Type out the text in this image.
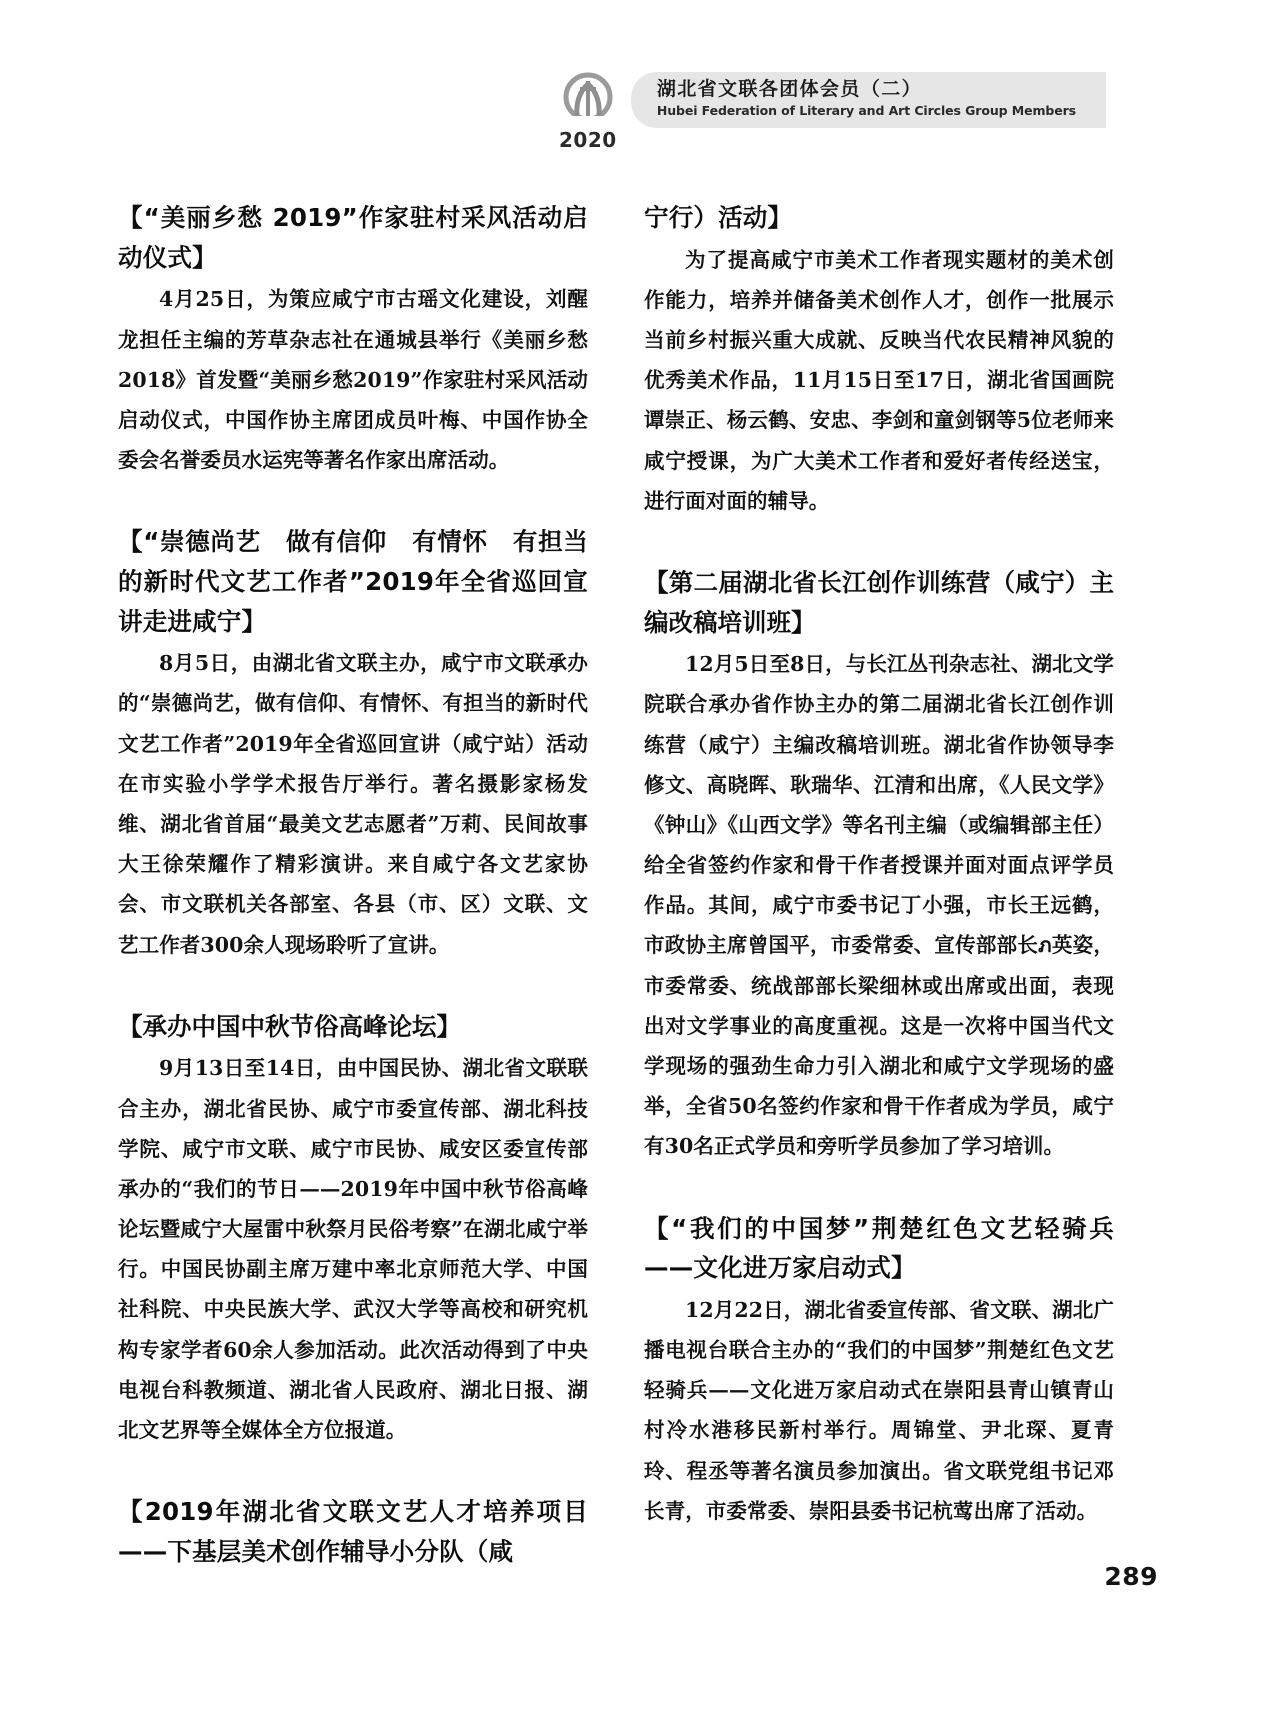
2020
湖北省文联各团体会员（二）
Hubei Federation of Literary and Art Circles Group Members
【“美丽乡愁 2019”作家驻村采风活动启动仪式】

4月25日，为策应咸宁市古瑶文化建设，刘醒龙担任主编的芳草杂志社在通城县举行《美丽乡愁2018》首发暨“美丽乡愁2019”作家驻村采风活动启动仪式，中国作协主席团成员叶梅、中国作协全委会名誉委员水运宪等著名作家出席活动。

【“崇德尚艺　做有信仰　有情怀　有担当的新时代文艺工作者”2019年全省巡回宣讲走进咸宁】

8月5日，由湖北省文联主办，咸宁市文联承办的“崇德尚艺，做有信仰、有情怀、有担当的新时代文艺工作者”2019年全省巡回宣讲（咸宁站）活动在市实验小学学术报告厅举行。著名摄影家杨发维、湖北省首届“最美文艺志愿者”万莉、民间故事大王徐荣耀作了精彩演讲。来自咸宁各文艺家协会、市文联机关各部室、各县（市、区）文联、文艺工作者300余人现场聆听了宣讲。

【承办中国中秋节俗高峰论坛】

9月13日至14日，由中国民协、湖北省文联联合主办，湖北省民协、咸宁市委宣传部、湖北科技学院、咸宁市文联、咸宁市民协、咸安区委宣传部承办的“我们的节日——2019年中国中秋节俗高峰论坛暨咸宁大屋雷中秋祭月民俗考察”在湖北咸宁举行。中国民协副主席万建中率北京师范大学、中国社科院、中央民族大学、武汉大学等高校和研究机构专家学者60余人参加活动。此次活动得到了中央电视台科教频道、湖北省人民政府、湖北日报、湖北文艺界等全媒体全方位报道。

【2019年湖北省文联文艺人才培养项目——下基层美术创作辅导小分队（咸
宁行）活动】

为了提高咸宁市美术工作者现实题材的美术创作能力，培养并储备美术创作人才，创作一批展示当前乡村振兴重大成就、反映当代农民精神风貌的优秀美术作品，11月15日至17日，湖北省国画院谭崇正、杨云鹤、安忠、李剑和童剑钢等5位老师来咸宁授课，为广大美术工作者和爱好者传经送宝，进行面对面的辅导。

【第二届湖北省长江创作训练营（咸宁）主编改稿培训班】

12月5日至8日，与长江丛刊杂志社、湖北文学院联合承办省作协主办的第二届湖北省长江创作训练营（咸宁）主编改稿培训班。湖北省作协领导李修文、高晓晖、耿瑞华、江清和出席，《人民文学》《钟山》《山西文学》等名刊主编（或编辑部主任）给全省签约作家和骨干作者授课并面对面点评学员作品。其间，咸宁市委书记丁小强，市长王远鹤，市政协主席曾国平，市委常委、宣传部部长ภ英姿，市委常委、统战部部长梁细林或出席或出面，表现出对文学事业的高度重视。这是一次将中国当代文学现场的强劲生命力引入湖北和咸宁文学现场的盛举，全省50名签约作家和骨干作者成为学员，咸宁有30名正式学员和旁听学员参加了学习培训。

【“我们的中国梦”荆楚红色文艺轻骑兵——文化进万家启动式】

12月22日，湖北省委宣传部、省文联、湖北广播电视台联合主办的“我们的中国梦”荆楚红色文艺轻骑兵——文化进万家启动式在崇阳县青山镇青山村冷水港移民新村举行。周锦堂、尹北琛、夏青玲、程丞等著名演员参加演出。省文联党组书记邓长青，市委常委、崇阳县委书记杭莺出席了活动。

289
